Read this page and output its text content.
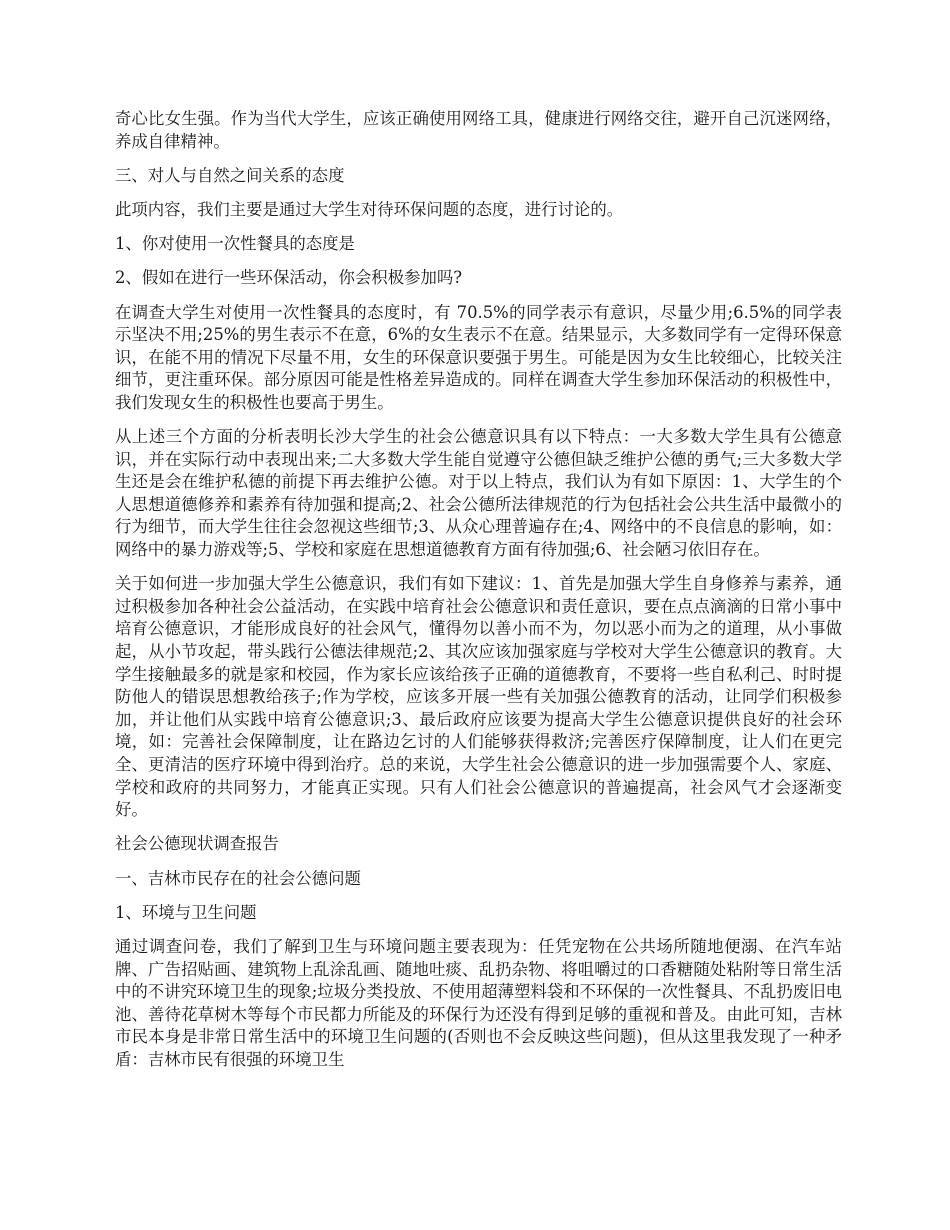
奇心比女生强。作为当代大学生，应该正确使用网络工具，健康进行网络交往，避开自己沉迷网络，养成自律精神。

三、对人与自然之间关系的态度

此项内容，我们主要是通过大学生对待环保问题的态度，进行讨论的。

1、你对使用一次性餐具的态度是

2、假如在进行一些环保活动，你会积极参加吗?

在调查大学生对使用一次性餐具的态度时，有 70.5%的同学表示有意识，尽量少用;6.5%的同学表示坚决不用;25%的男生表示不在意，6%的女生表示不在意。结果显示，大多数同学有一定得环保意识，在能不用的情况下尽量不用，女生的环保意识要强于男生。可能是因为女生比较细心，比较关注细节，更注重环保。部分原因可能是性格差异造成的。同样在调查大学生参加环保活动的积极性中，我们发现女生的积极性也要高于男生。

从上述三个方面的分析表明长沙大学生的社会公德意识具有以下特点：一大多数大学生具有公德意识，并在实际行动中表现出来;二大多数大学生能自觉遵守公德但缺乏维护公德的勇气;三大多数大学生还是会在维护私德的前提下再去维护公德。对于以上特点，我们认为有如下原因：1、大学生的个人思想道德修养和素养有待加强和提高;2、社会公德所法律规范的行为包括社会公共生活中最微小的行为细节，而大学生往往会忽视这些细节;3、从众心理普遍存在;4、网络中的不良信息的影响，如：网络中的暴力游戏等;5、学校和家庭在思想道德教育方面有待加强;6、社会陋习依旧存在。

关于如何进一步加强大学生公德意识，我们有如下建议：1、首先是加强大学生自身修养与素养，通过积极参加各种社会公益活动，在实践中培育社会公德意识和责任意识，要在点点滴滴的日常小事中培育公德意识，才能形成良好的社会风气，懂得勿以善小而不为，勿以恶小而为之的道理，从小事做起，从小节攻起，带头践行公德法律规范;2、其次应该加强家庭与学校对大学生公德意识的教育。大学生接触最多的就是家和校园，作为家长应该给孩子正确的道德教育，不要将一些自私利己、时时提防他人的错误思想教给孩子;作为学校，应该多开展一些有关加强公德教育的活动，让同学们积极参加，并让他们从实践中培育公德意识;3、最后政府应该要为提高大学生公德意识提供良好的社会环境，如：完善社会保障制度，让在路边乞讨的人们能够获得救济;完善医疗保障制度，让人们在更完全、更清洁的医疗环境中得到治疗。总的来说，大学生社会公德意识的进一步加强需要个人、家庭、学校和政府的共同努力，才能真正实现。只有人们社会公德意识的普遍提高，社会风气才会逐渐变好。

社会公德现状调查报告

一、吉林市民存在的社会公德问题

1、环境与卫生问题

通过调查问卷，我们了解到卫生与环境问题主要表现为：任凭宠物在公共场所随地便溺、在汽车站牌、广告招贴画、建筑物上乱涂乱画、随地吐痰、乱扔杂物、将咀嚼过的口香糖随处粘附等日常生活中的不讲究环境卫生的现象;垃圾分类投放、不使用超薄塑料袋和不环保的一次性餐具、不乱扔废旧电池、善待花草树木等每个市民都力所能及的环保行为还没有得到足够的重视和普及。由此可知，吉林市民本身是非常日常生活中的环境卫生问题的(否则也不会反映这些问题)，但从这里我发现了一种矛盾：吉林市民有很强的环境卫生
